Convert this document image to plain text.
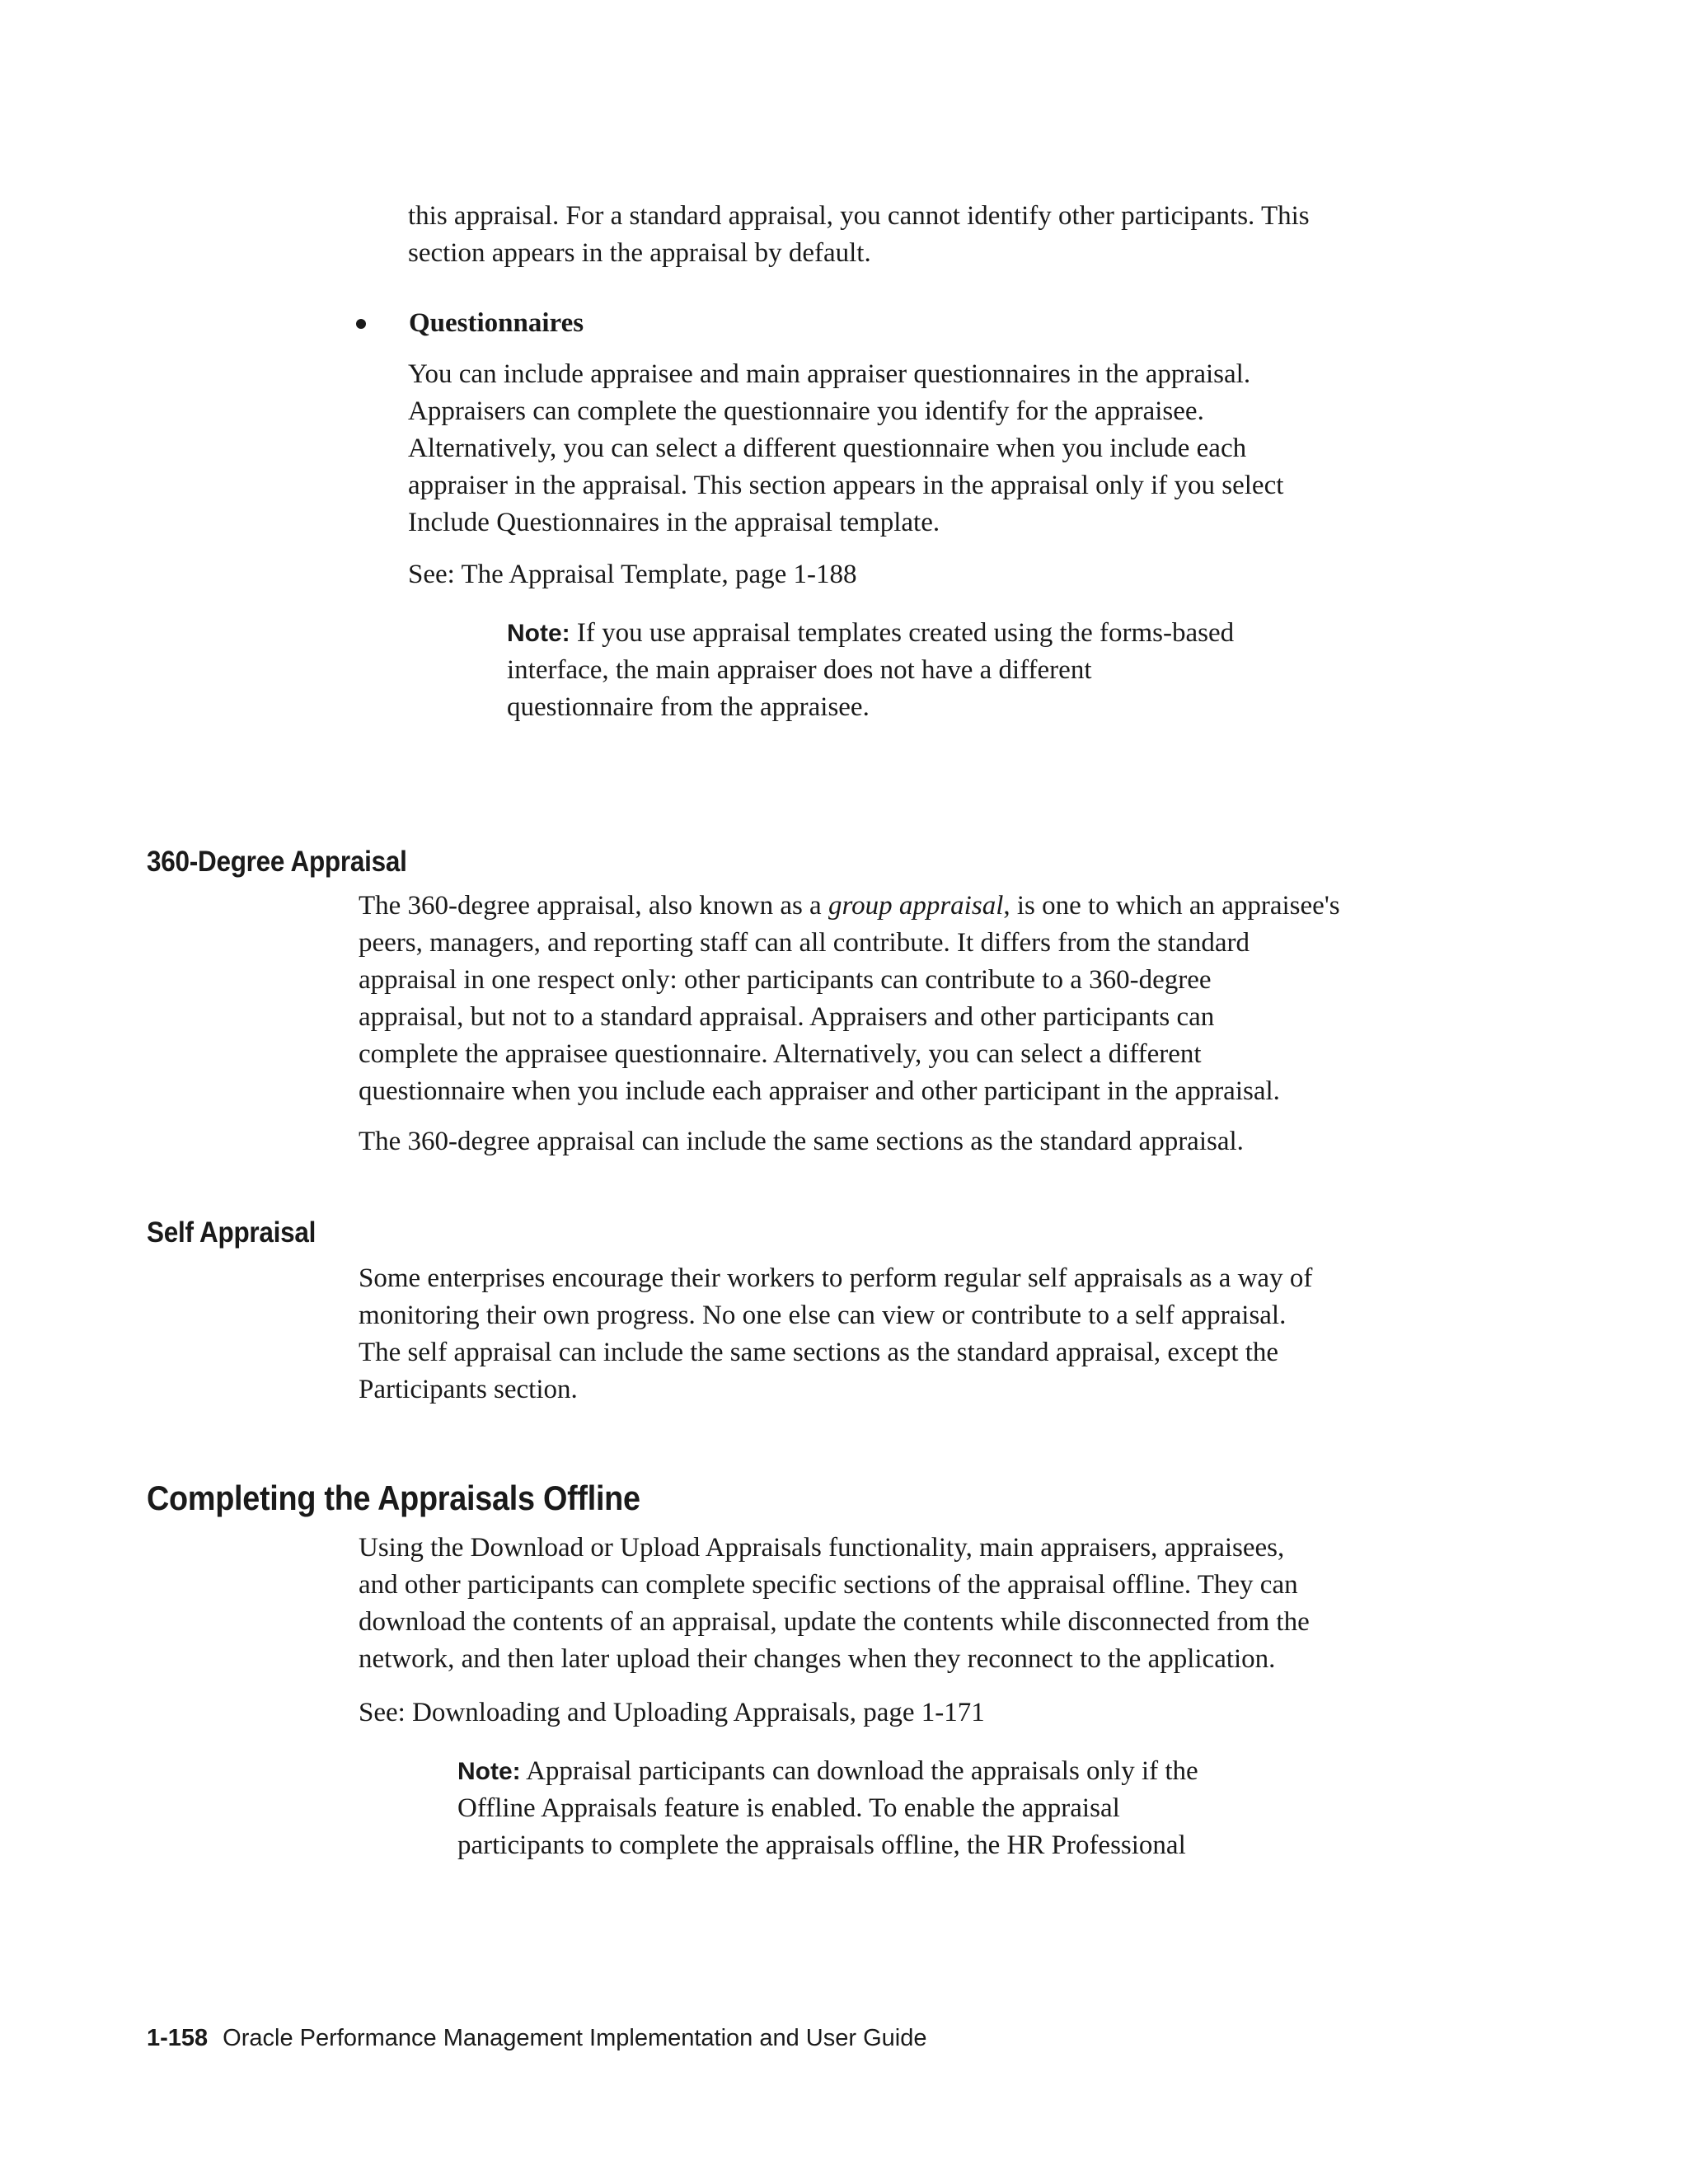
this appraisal. For a standard appraisal, you cannot identify other participants. This
section appears in the appraisal by default.
Questionnaires
You can include appraisee and main appraiser questionnaires in the appraisal.
Appraisers can complete the questionnaire you identify for the appraisee.
Alternatively, you can select a different questionnaire when you include each
appraiser in the appraisal. This section appears in the appraisal only if you select
Include Questionnaires in the appraisal template.
See: The Appraisal Template, page 1-188
Note: If you use appraisal templates created using the forms-based
interface, the main appraiser does not have a different
questionnaire from the appraisee.
360-Degree Appraisal
The 360-degree appraisal, also known as a group appraisal, is one to which an appraisee's
peers, managers, and reporting staff can all contribute. It differs from the standard
appraisal in one respect only: other participants can contribute to a 360-degree
appraisal, but not to a standard appraisal. Appraisers and other participants can
complete the appraisee questionnaire. Alternatively, you can select a different
questionnaire when you include each appraiser and other participant in the appraisal.
The 360-degree appraisal can include the same sections as the standard appraisal.
Self Appraisal
Some enterprises encourage their workers to perform regular self appraisals as a way of
monitoring their own progress. No one else can view or contribute to a self appraisal.
The self appraisal can include the same sections as the standard appraisal, except the
Participants section.
Completing the Appraisals Offline
Using the Download or Upload Appraisals functionality, main appraisers, appraisees,
and other participants can complete specific sections of the appraisal offline. They can
download the contents of an appraisal, update the contents while disconnected from the
network, and then later upload their changes when they reconnect to the application.
See: Downloading and Uploading Appraisals, page 1-171
Note: Appraisal participants can download the appraisals only if the
Offline Appraisals feature is enabled. To enable the appraisal
participants to complete the appraisals offline, the HR Professional
1-158 Oracle Performance Management Implementation and User Guide
